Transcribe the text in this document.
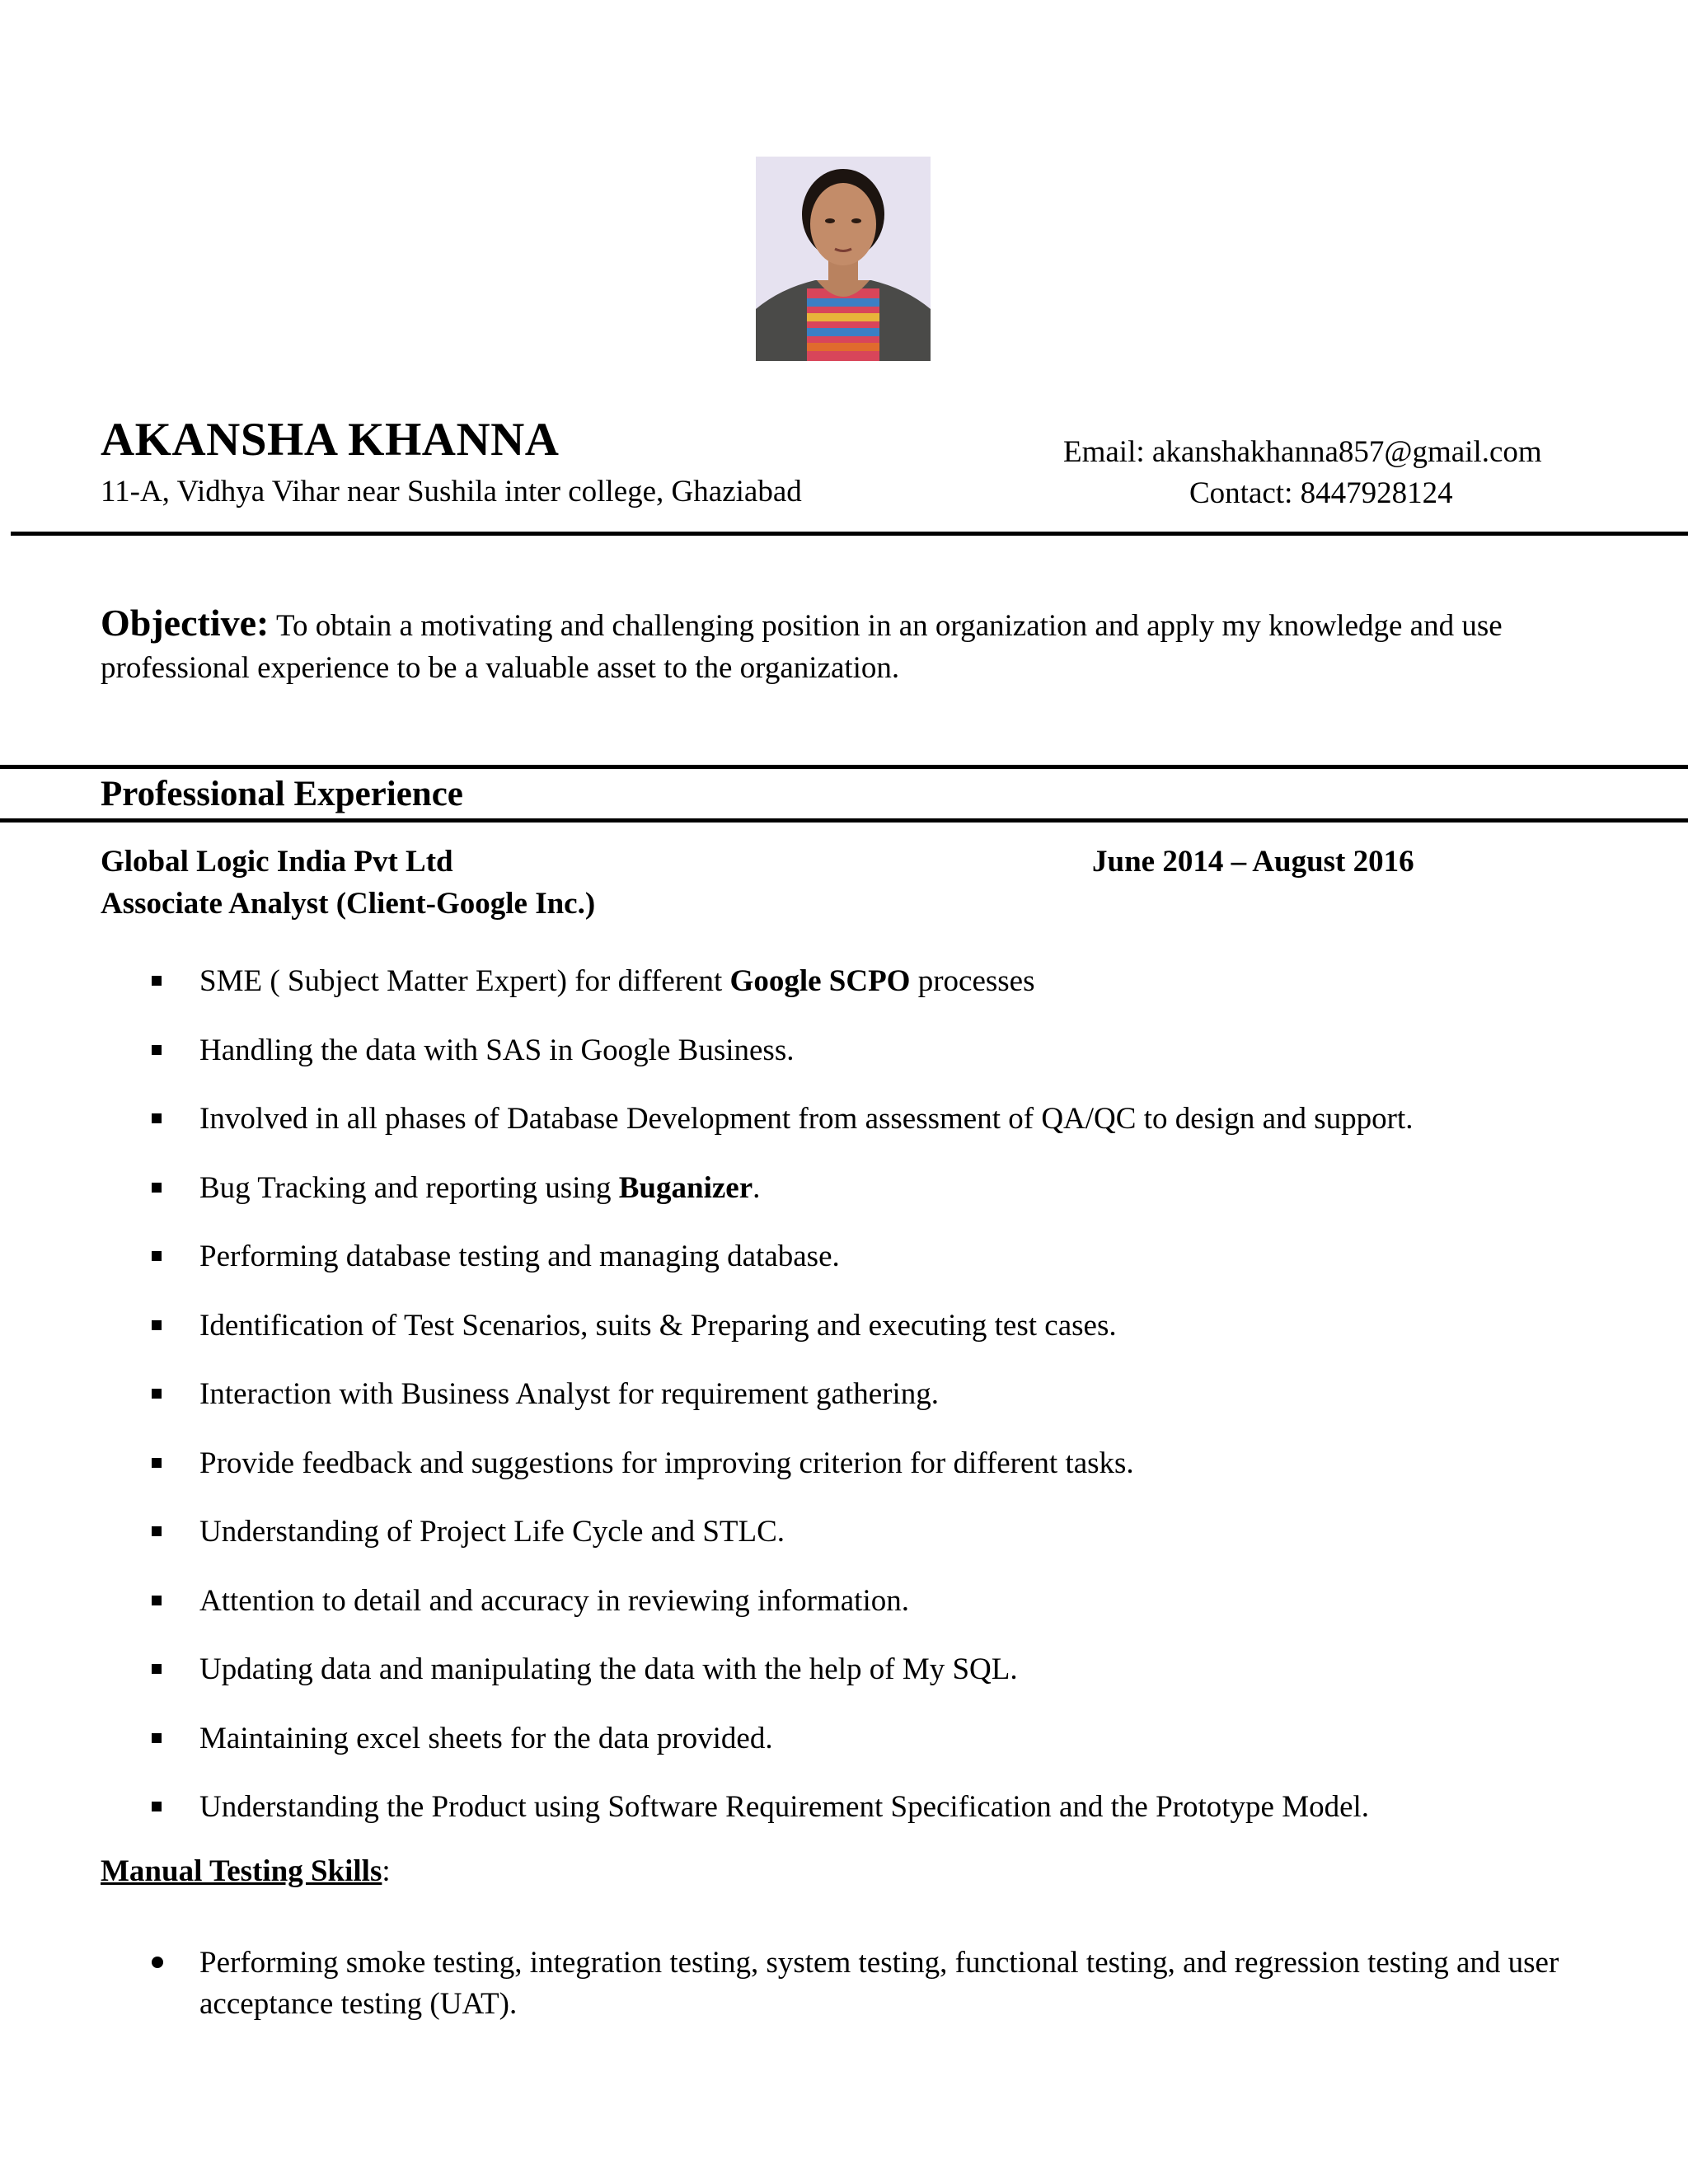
AKANSHA KHANNA
11-A, Vidhya Vihar near Sushila inter college, Ghaziabad
Email: akanshakhanna857@gmail.com
Contact: 8447928124
Objective: To obtain a motivating and challenging position in an organization and apply my knowledge and use professional experience to be a valuable asset to the organization.
Professional Experience
Global Logic India Pvt Ltd	June 2014 – August 2016
Associate Analyst (Client-Google Inc.)
SME ( Subject Matter Expert) for different Google SCPO processes
Handling the data with SAS in Google Business.
Involved in all phases of Database Development from assessment of QA/QC to design and support.
Bug Tracking and reporting using Buganizer.
Performing database testing and managing database.
Identification of Test Scenarios, suits & Preparing and executing test cases.
Interaction with Business Analyst for requirement gathering.
Provide feedback and suggestions for improving criterion for different tasks.
Understanding of Project Life Cycle and STLC.
Attention to detail and accuracy in reviewing information.
Updating data and manipulating the data with the help of My SQL.
Maintaining excel sheets for the data provided.
Understanding the Product using Software Requirement Specification and the Prototype Model.
Manual Testing Skills:
Performing smoke testing, integration testing, system testing, functional testing, and regression testing and user acceptance testing (UAT).
